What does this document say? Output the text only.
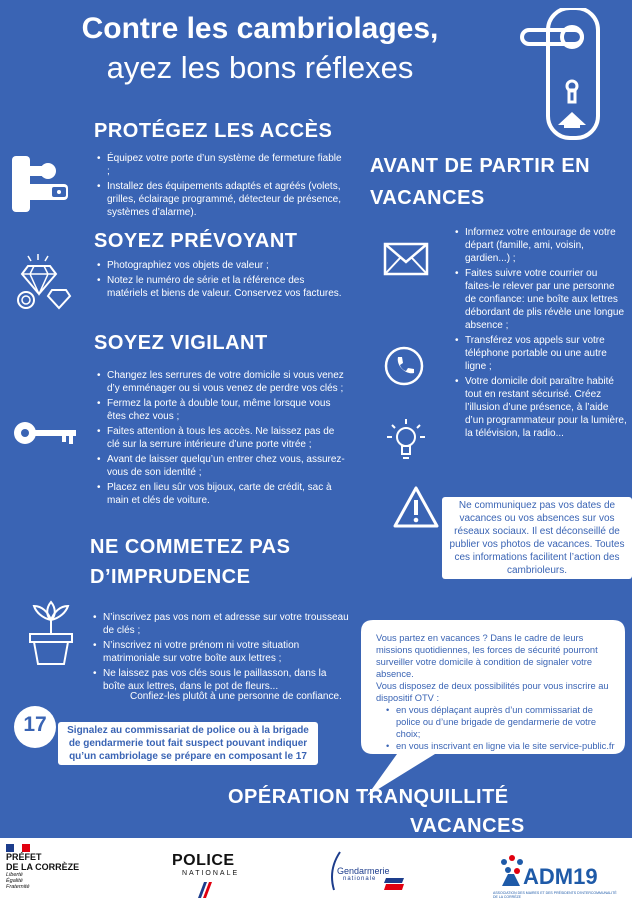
Contre les cambriolages,
ayez les bons réflexes
PROTÉGEZ LES ACCÈS
• Équipez votre porte d’un système de fermeture fiable ;
• Installez des équipements adaptés et agréés (volets, grilles, éclairage programmé, détecteur de présence, systèmes d’alarme).
SOYEZ PRÉVOYANT
• Photographiez vos objets de valeur ;
• Notez le numéro de série et la référence des matériels et biens de valeur. Conservez vos factures.
SOYEZ VIGILANT
• Changez les serrures de votre domicile si vous venez d’y emménager ou si vous venez de perdre vos clés ;
• Fermez la porte à double tour, même lorsque vous êtes chez vous ;
• Faites attention à tous les accès. Ne laissez pas de clé sur la serrure intérieure d’une porte vitrée ;
• Avant de laisser quelqu’un entrer chez vous, assurez-vous de son identité ;
• Placez en lieu sûr vos bijoux, carte de crédit, sac à main et clés de voiture.
NE COMMETEZ PAS D’IMPRUDENCE
• N’inscrivez pas vos nom et adresse sur votre trousseau de clés ;
• N’inscrivez ni votre prénom ni votre situation matrimoniale sur votre boîte aux lettres ;
• Ne laissez pas vos clés sous le paillasson, dans la boîte aux lettres, dans le pot de fleurs...
Confiez-les plutôt à une personne de confiance.
17	Signalez au commissariat de police ou à la brigade de gendarmerie tout fait suspect pouvant indiquer qu’un cambriolage se prépare en composant le 17
AVANT DE PARTIR EN VACANCES
• Informez votre entourage de votre départ (famille, ami, voisin, gardien...) ;
• Faites suivre votre courrier ou faites-le relever par une personne de confiance: une boîte aux lettres débordant de plis révèle une longue absence ;
• Transférez vos appels sur votre téléphone portable ou une autre ligne ;
• Votre domicile doit paraître habité tout en restant sécurisé. Créez l’illusion d’une présence, à l’aide d’un programmateur pour la lumière, la télévision, la radio...
Ne communiquez pas vos dates de vacances ou vos absences sur vos réseaux sociaux. Il est déconseillé de publier vos photos de vacances. Toutes ces informations facilitent l’action des cambrioleurs.
Vous partez en vacances ? Dans le cadre de leurs missions quotidiennes, les forces de sécurité pourront surveiller votre domicile à condition de signaler votre absence.
Vous disposez de deux possibilités pour vous inscrire au dispositif OTV :
• en vous déplaçant auprès d’un commissariat de police ou d’une brigade de gendarmerie de votre choix;
• en vous inscrivant en ligne via le site service-public.fr
OPÉRATION TRANQUILLITÉ
VACANCES
PRÉFET
DE LA CORRÈZE
Liberté
Égalité
Fraternité
POLICE
NATIONALE	Gendarmerie
nationale	ADM19
ASSOCIATION DES MAIRES ET DES PRÉSIDENTS D’INTERCOMMUNALITÉ DE LA CORRÈZE
